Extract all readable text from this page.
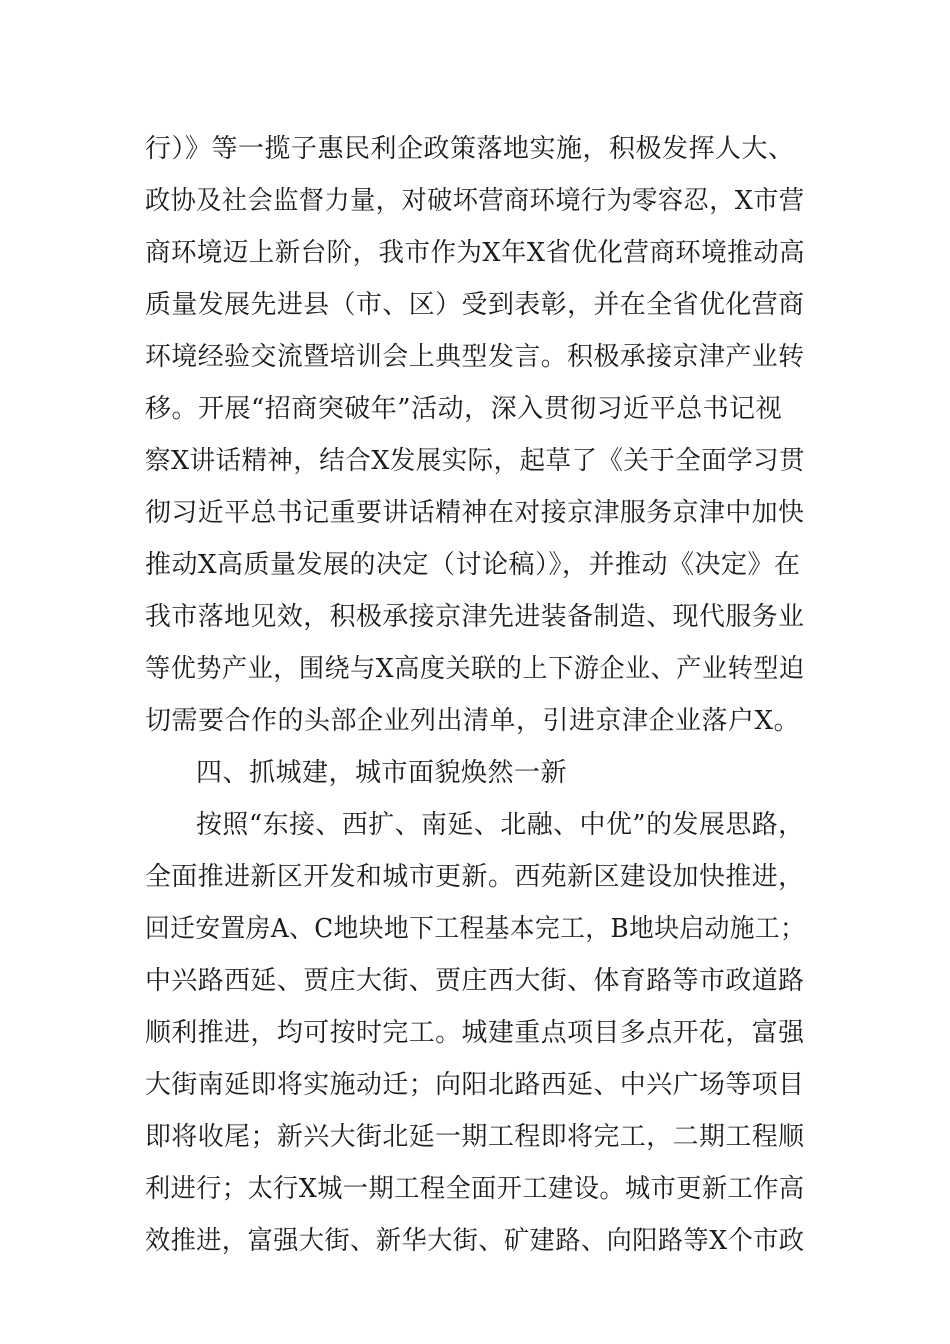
行）》等一揽子惠民利企政策落地实施，积极发挥人大、
政协及社会监督力量，对破坏营商环境行为零容忍，X市营
商环境迈上新台阶，我市作为X年X省优化营商环境推动高
质量发展先进县（市、区）受到表彰，并在全省优化营商
环境经验交流暨培训会上典型发言。积极承接京津产业转
移。开展“招商突破年”活动，深入贯彻习近平总书记视
察X讲话精神，结合X发展实际，起草了《关于全面学习贯
彻习近平总书记重要讲话精神在对接京津服务京津中加快
推动X高质量发展的决定（讨论稿）》，并推动《决定》在
我市落地见效，积极承接京津先进装备制造、现代服务业
等优势产业，围绕与X高度关联的上下游企业、产业转型迫
切需要合作的头部企业列出清单，引进京津企业落户X。
四、抓城建，城市面貌焕然一新
按照“东接、西扩、南延、北融、中优”的发展思路，
全面推进新区开发和城市更新。西苑新区建设加快推进，
回迁安置房A、C地块地下工程基本完工，B地块启动施工；
中兴路西延、贾庄大街、贾庄西大街、体育路等市政道路
顺利推进，均可按时完工。城建重点项目多点开花，富强
大街南延即将实施动迁；向阳北路西延、中兴广场等项目
即将收尾；新兴大街北延一期工程即将完工，二期工程顺
利进行；太行X城一期工程全面开工建设。城市更新工作高
效推进，富强大街、新华大街、矿建路、向阳路等X个市政
